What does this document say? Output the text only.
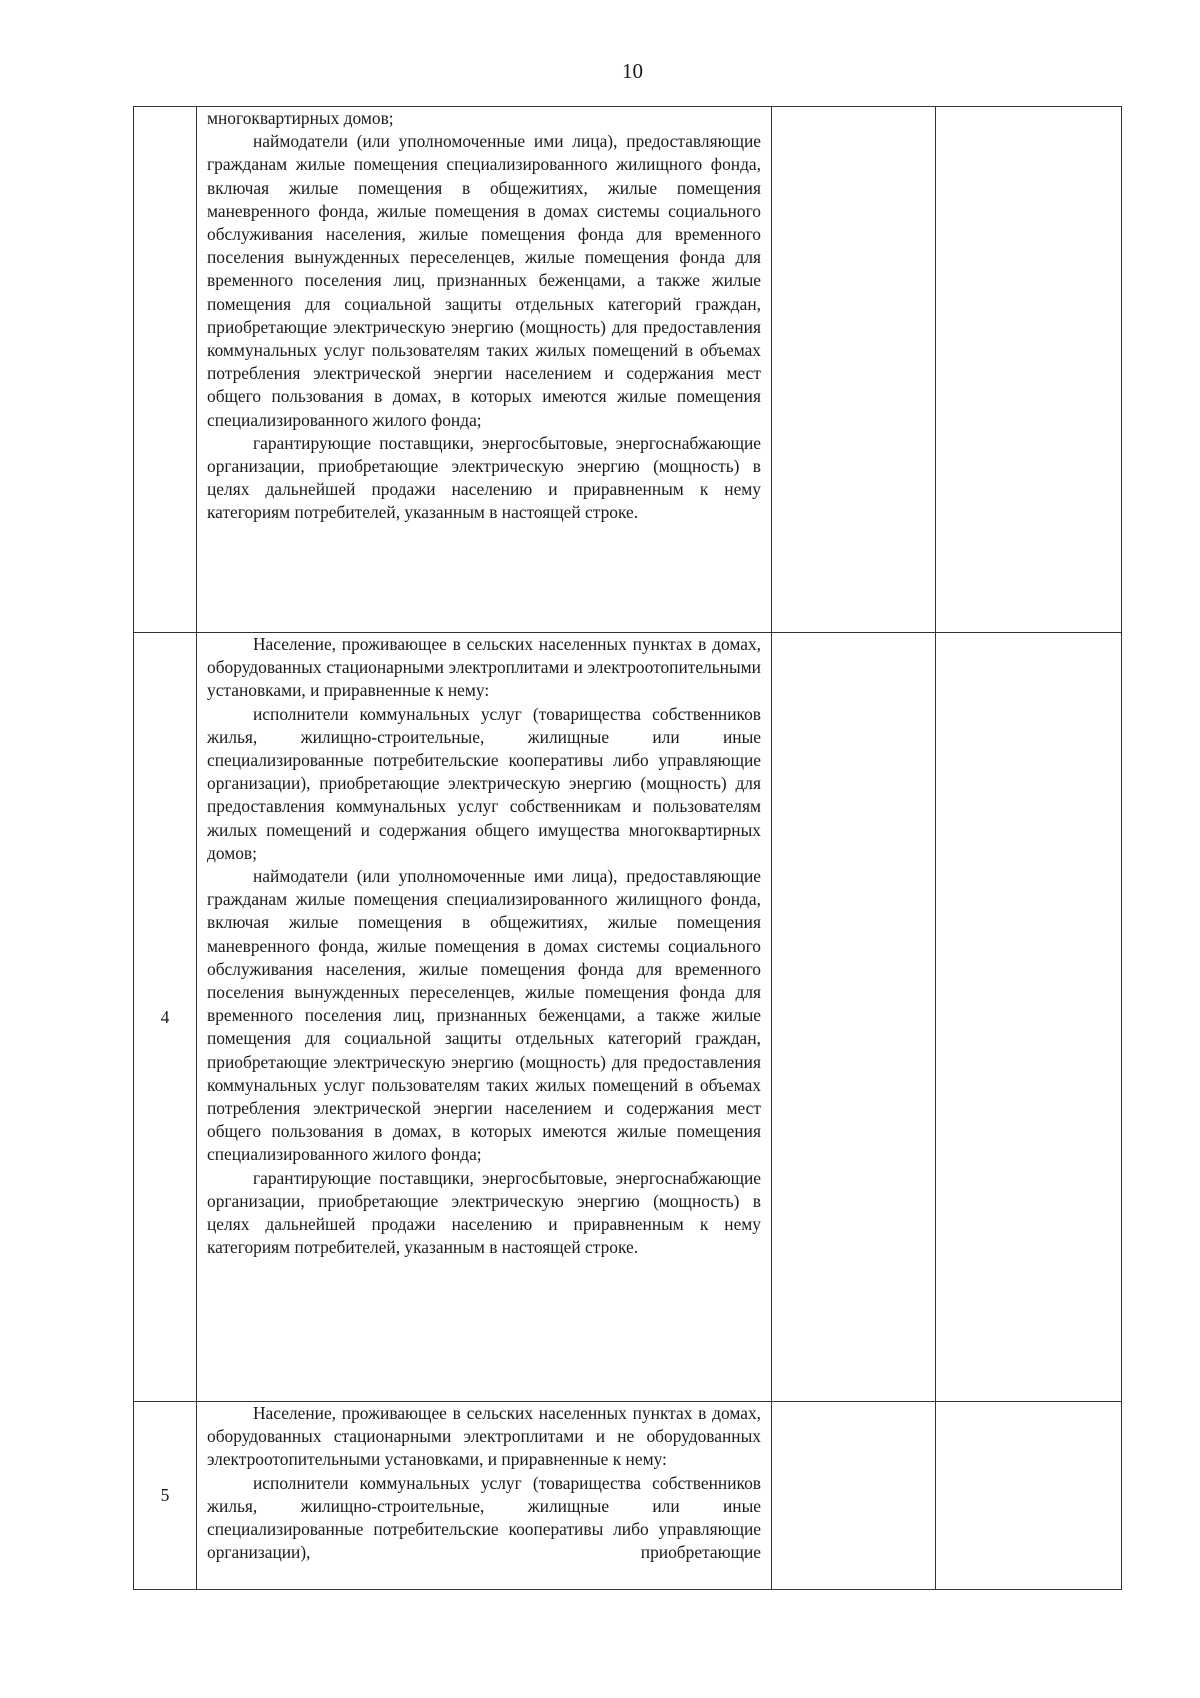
10

	многоквартирных домов;

наймодатели (или уполномоченные ими лица), предоставляющие гражданам жилые помещения специализированного жилищного фонда, включая жилые помещения в общежитиях, жилые помещения маневренного фонда, жилые помещения в домах системы социального обслуживания населения, жилые помещения фонда для временного поселения вынужденных переселенцев, жилые помещения фонда для временного поселения лиц, признанных беженцами, а также жилые помещения для социальной защиты отдельных категорий граждан, приобретающие электрическую энергию (мощность) для предоставления коммунальных услуг пользователям таких жилых помещений в объемах потребления электрической энергии населением и содержания мест общего пользования в домах, в которых имеются жилые помещения специализированного жилого фонда;

гарантирующие поставщики, энергосбытовые, энергоснабжающие организации, приобретающие электрическую энергию (мощность) в целях дальнейшей продажи населению и приравненным к нему категориям потребителей, указанным в настоящей строке.		

4	Население, проживающее в сельских населенных пунктах в домах, оборудованных стационарными электроплитами и электроотопительными установками, и приравненные к нему:

исполнители коммунальных услуг (товарищества собственников жилья, жилищно-строительные, жилищные или иные специализированные потребительские кооперативы либо управляющие организации), приобретающие электрическую энергию (мощность) для предоставления коммунальных услуг собственникам и пользователям жилых помещений и содержания общего имущества многоквартирных домов;

наймодатели (или уполномоченные ими лица), предоставляющие гражданам жилые помещения специализированного жилищного фонда, включая жилые помещения в общежитиях, жилые помещения маневренного фонда, жилые помещения в домах системы социального обслуживания населения, жилые помещения фонда для временного поселения вынужденных переселенцев, жилые помещения фонда для временного поселения лиц, признанных беженцами, а также жилые помещения для социальной защиты отдельных категорий граждан, приобретающие электрическую энергию (мощность) для предоставления коммунальных услуг пользователям таких жилых помещений в объемах потребления электрической энергии населением и содержания мест общего пользования в домах, в которых имеются жилые помещения специализированного жилого фонда;

гарантирующие поставщики, энергосбытовые, энергоснабжающие организации, приобретающие электрическую энергию (мощность) в целях дальнейшей продажи населению и приравненным к нему категориям потребителей, указанным в настоящей строке.		

5	Население, проживающее в сельских населенных пунктах в домах, оборудованных стационарными электроплитами и не оборудованных электроотопительными установками, и приравненные к нему:

исполнители коммунальных услуг (товарищества собственников жилья, жилищно-строительные, жилищные или иные специализированные потребительские кооперативы либо управляющие организации), приобретающие		
